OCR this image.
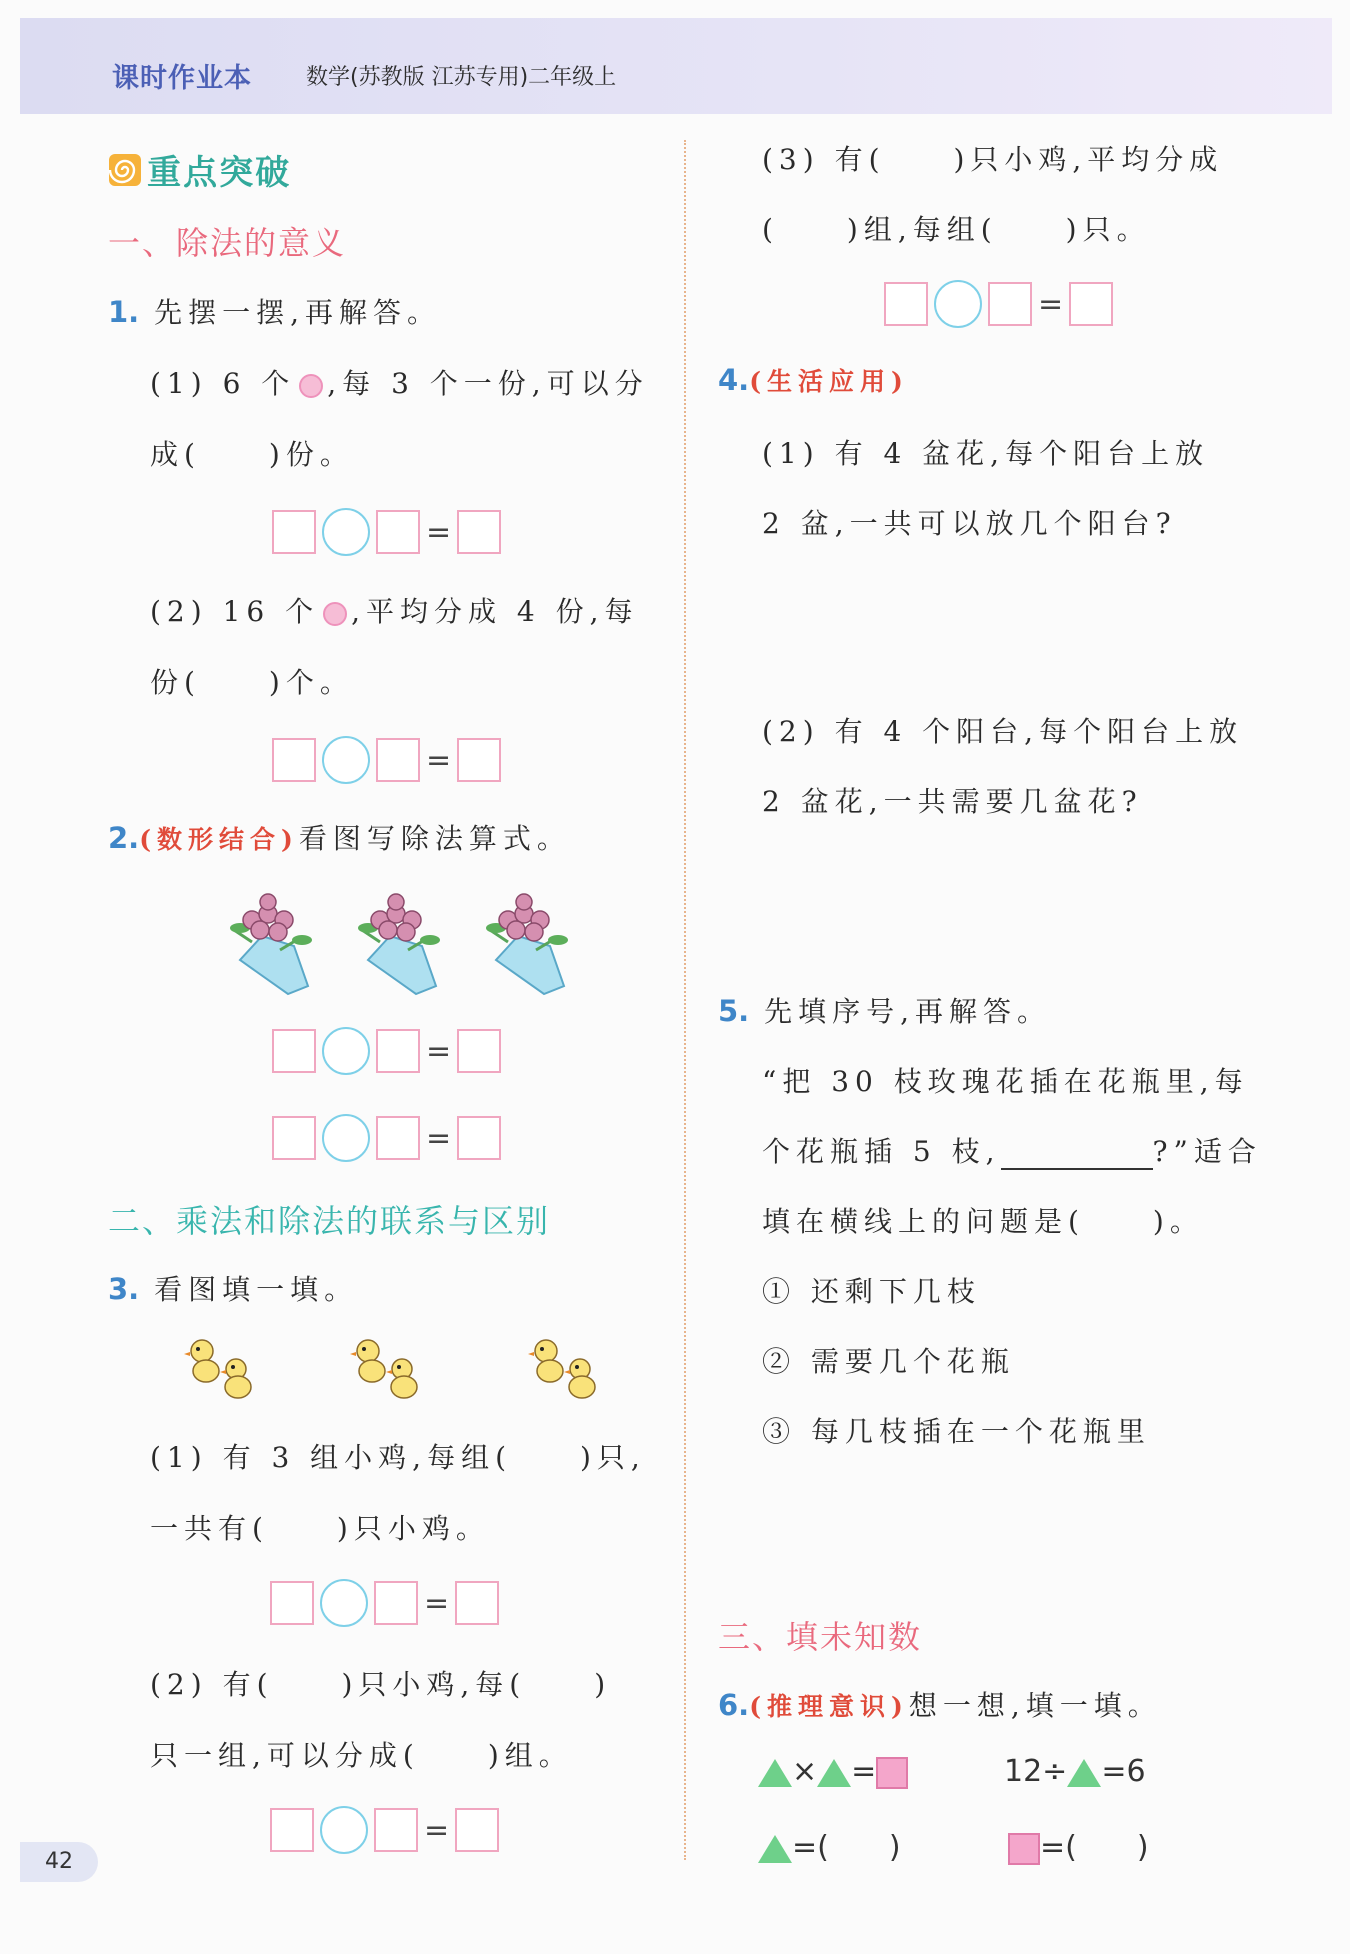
课时作业本 数学(苏教版 江苏专用)二年级上
重点突破
一、除法的意义
1. 先摆一摆,再解答。
(1) 6 个 ,每 3 个一份,可以分
成(　　)份。
=
(2) 16 个 ,平均分成 4 份,每
份(　　)个。
=
2.(数形结合)看图写除法算式。
=
=
二、乘法和除法的联系与区别
3. 看图填一填。
(1) 有 3 组小鸡,每组(　　)只,
一共有(　　)只小鸡。
=
(2) 有(　　)只小鸡,每(　　)
只一组,可以分成(　　)组。
=
42
(3) 有(　　)只小鸡,平均分成
(　　)组,每组(　　)只。
=
4.(生活应用)
(1) 有 4 盆花,每个阳台上放
2 盆,一共可以放几个阳台?
(2) 有 4 个阳台,每个阳台上放
2 盆花,一共需要几盆花?
5. 先填序号,再解答。
“把 30 枝玫瑰花插在花瓶里,每
个花瓶插 5 枝,	?”适合
填在横线上的问题是(　　)。
① 还剩下几枝
② 需要几个花瓶
③ 每几枝插在一个花瓶里
三、填未知数
6.(推理意识)想一想,填一填。
× =	12÷ =6
=(　　)	=(　　)
